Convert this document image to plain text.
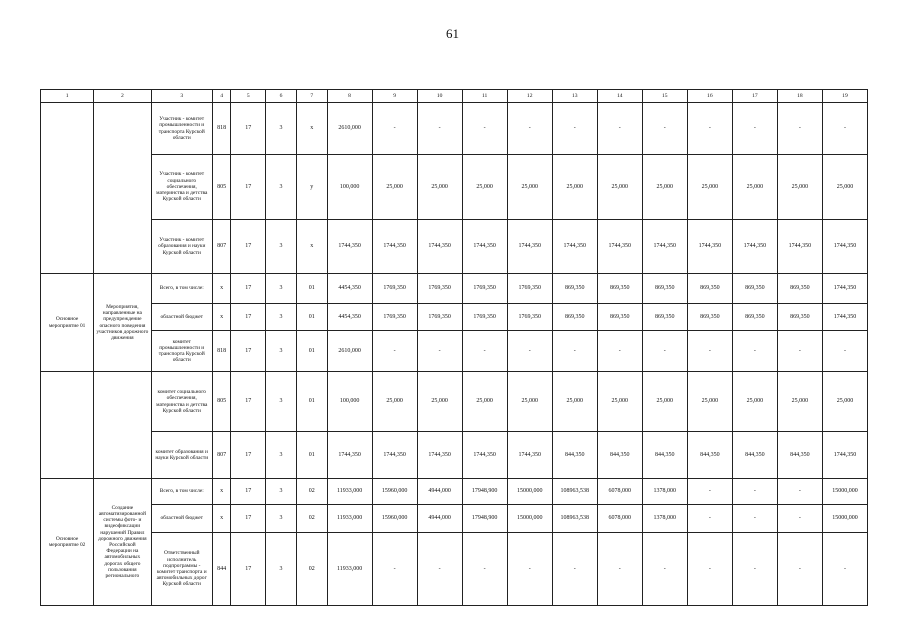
61
1	2	3	4	5	6	7	8	9	10	11	12	13	14	15	16	17	18	19
		Участник - комитет промышленности и транспорта Курской области	818	17	3	х	2610,000	-	-	-	-	-	-	-	-	-	-	-
		Участник - комитет социального обеспечения, материнства и детства Курской области	805	17	3	у	100,000	25,000	25,000	25,000	25,000	25,000	25,000	25,000	25,000	25,000	25,000	25,000
		Участник - комитет образования и науки Курской области	807	17	3	х	1744,350	1744,350	1744,350	1744,350	1744,350	1744,350	1744,350	1744,350	1744,350	1744,350	1744,350	1744,350
Основное мероприятие 01	Мероприятия, направленные на предупреждение опасного поведения участников дорожного движения	Всего, в том числе:	х	17	3	01	4454,350	1769,350	1769,350	1769,350	1769,350	869,350	869,350	869,350	869,350	869,350	869,350	1744,350
		областной бюджет	х	17	3	01	4454,350	1769,350	1769,350	1769,350	1769,350	869,350	869,350	869,350	869,350	869,350	869,350	1744,350
		комитет промышленности и транспорта Курской области	818	17	3	01	2610,000	-	-	-	-	-	-	-	-	-	-	-
		комитет социального обеспечения, материнства и детства Курской области	805	17	3	01	100,000	25,000	25,000	25,000	25,000	25,000	25,000	25,000	25,000	25,000	25,000	25,000
		комитет образования и науки Курской области	807	17	3	01	1744,350	1744,350	1744,350	1744,350	1744,350	844,350	844,350	844,350	844,350	844,350	844,350	1744,350
Основное мероприятие 02	Создание автоматизированной системы фото- и видеофиксации нарушений Правил дорожного движения Российской Федерации на автомобильных дорогах общего пользования регионального	Всего, в том числе:	х	17	3	02	11933,000	15960,000	4944,000	17948,900	15000,000	108963,538	6078,000	1378,000	-	-	-	15000,000
		областной бюджет	х	17	3	02	11933,000	15960,000	4944,000	17948,900	15000,000	108963,538	6078,000	1378,000	-	-	-	15000,000
		Ответственный исполнитель подпрограммы - комитет транспорта и автомобильных дорог Курской области	844	17	3	02	11933,000	-	-	-	-	-	-	-	-	-	-	-
